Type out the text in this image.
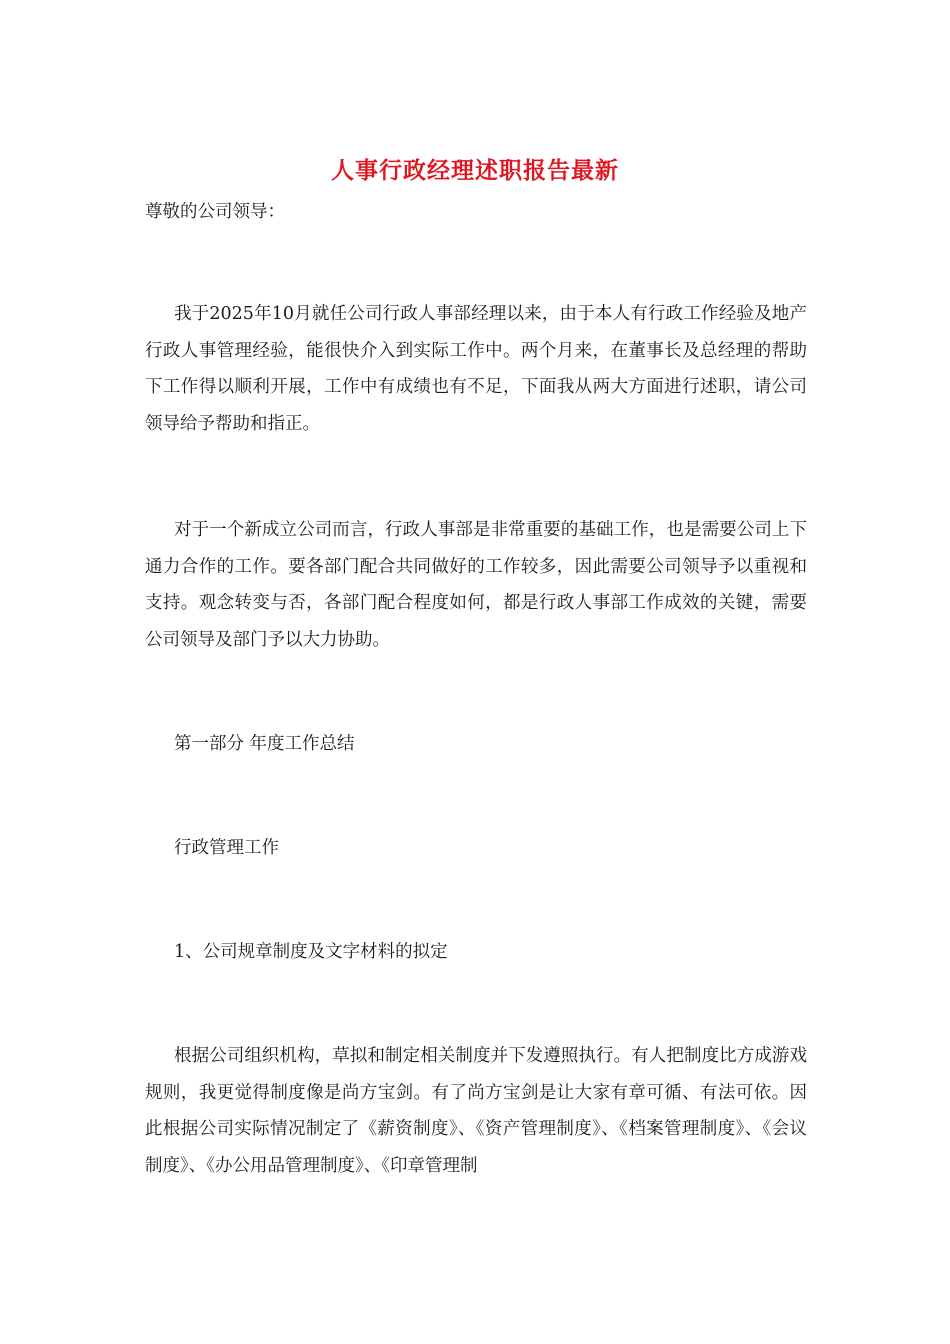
人事行政经理述职报告最新

尊敬的公司领导：

我于2025年10月就任公司行政人事部经理以来，由于本人有行政工作经验及地产行政人事管理经验，能很快介入到实际工作中。两个月来，在董事长及总经理的帮助下工作得以顺利开展，工作中有成绩也有不足，下面我从两大方面进行述职，请公司领导给予帮助和指正。

对于一个新成立公司而言，行政人事部是非常重要的基础工作，也是需要公司上下通力合作的工作。要各部门配合共同做好的工作较多，因此需要公司领导予以重视和支持。观念转变与否，各部门配合程度如何，都是行政人事部工作成效的关键，需要公司领导及部门予以大力协助。

第一部分 年度工作总结

行政管理工作

1、公司规章制度及文字材料的拟定

根据公司组织机构，草拟和制定相关制度并下发遵照执行。有人把制度比方成游戏规则，我更觉得制度像是尚方宝剑。有了尚方宝剑是让大家有章可循、有法可依。因此根据公司实际情况制定了《薪资制度》、《资产管理制度》、《档案管理制度》、《会议制度》、《办公用品管理制度》、《印章管理制
